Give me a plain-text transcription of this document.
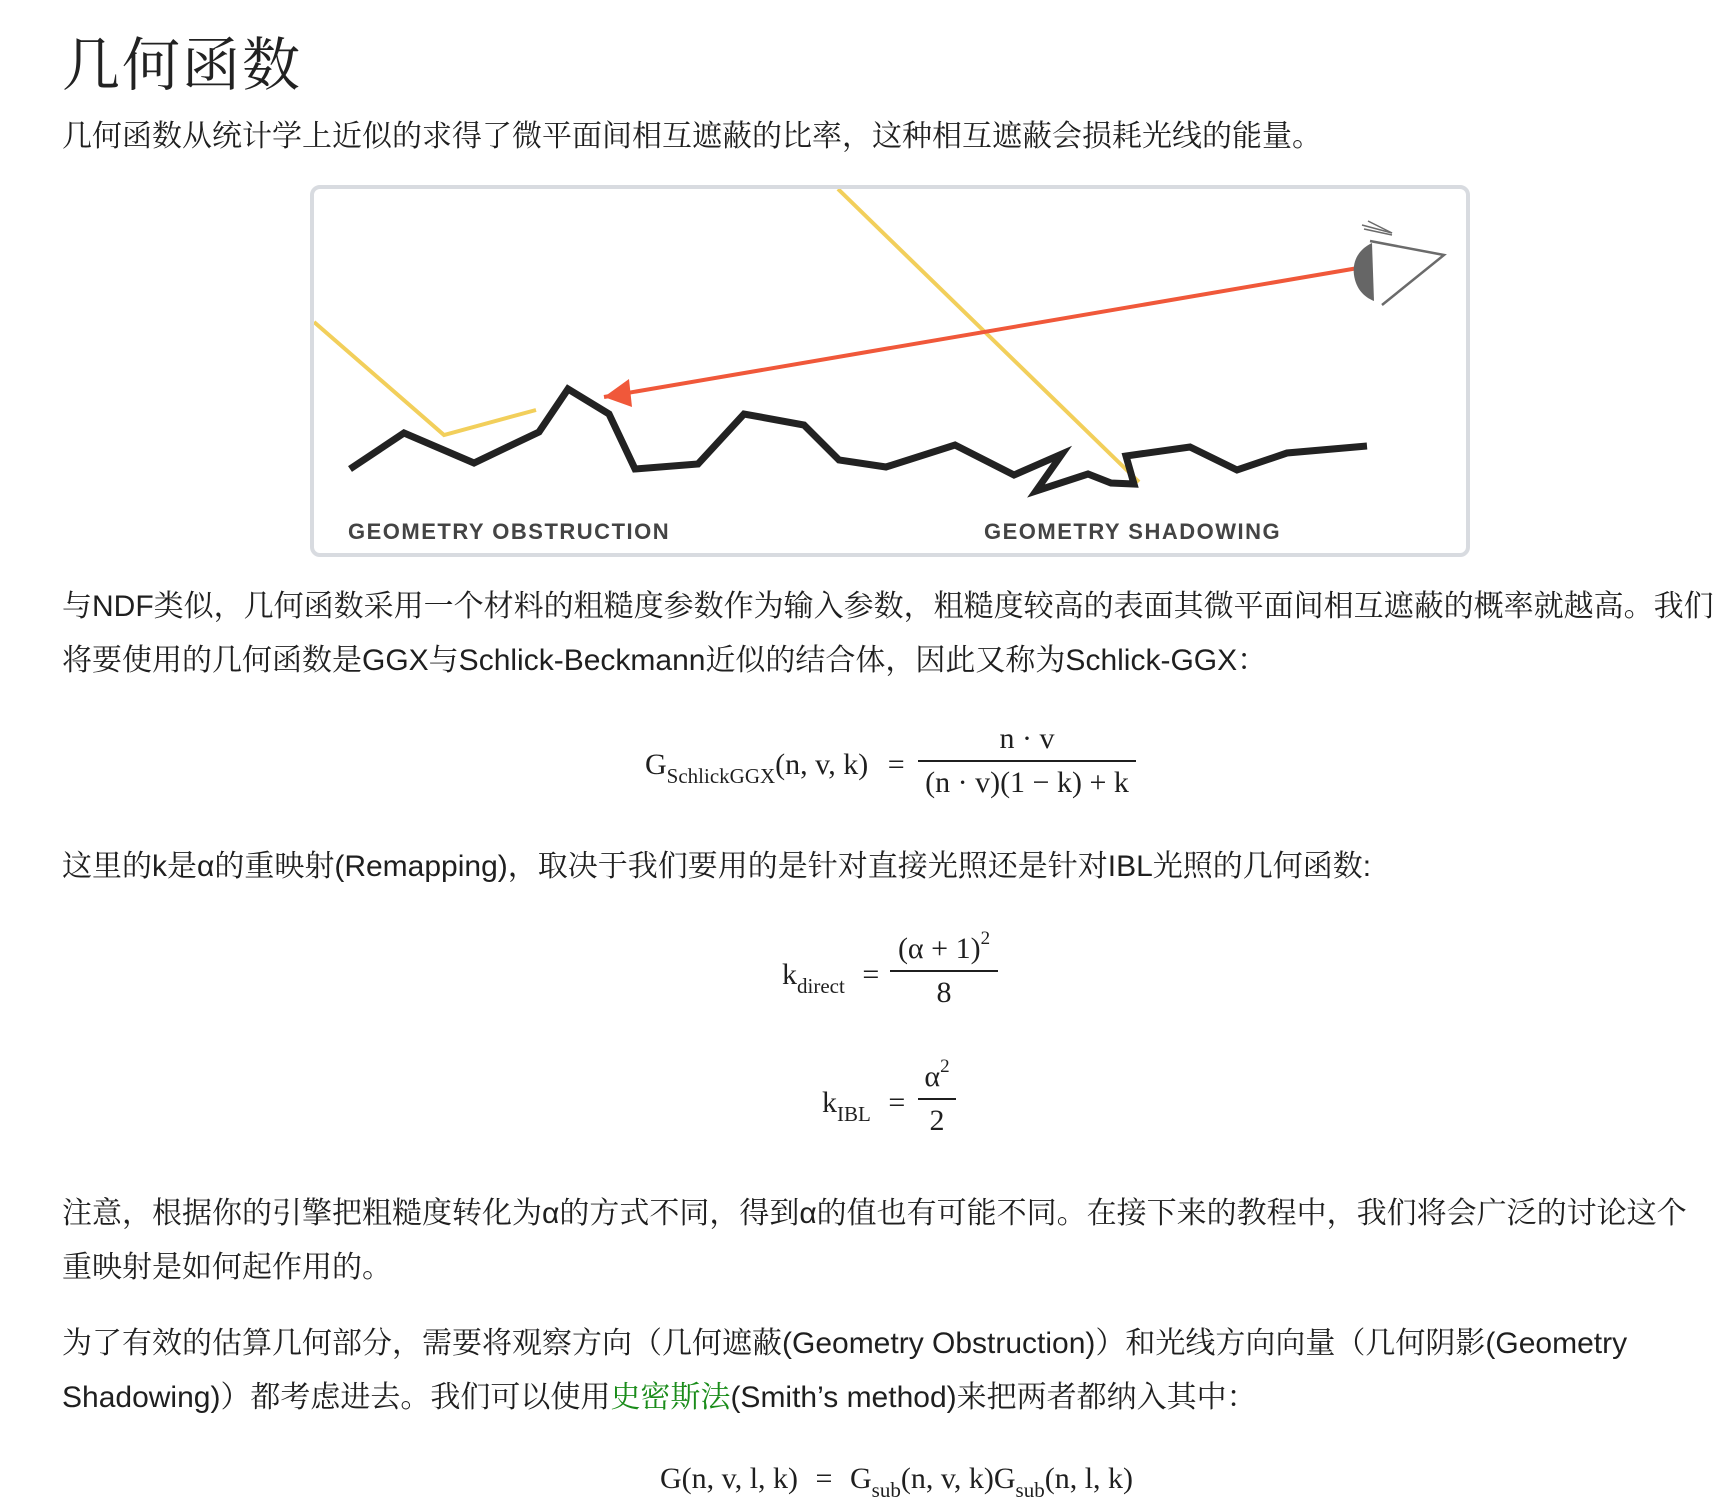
几何函数

几何函数从统计学上近似的求得了微平面间相互遮蔽的比率，这种相互遮蔽会损耗光线的能量。

GEOMETRY OBSTRUCTION	GEOMETRY SHADOWING

与NDF类似，几何函数采用一个材料的粗糙度参数作为输入参数，粗糙度较高的表面其微平面间相互遮蔽的概率就越高。我们将要使用的几何函数是GGX与Schlick-Beckmann近似的结合体，因此又称为Schlick-GGX：

$G_{SchlickGGX}(n$, v, k) =
n · v
(n · v)(1 − k) + k

这里的k是α的重映射(Remapping)，取决于我们要用的是针对直接光照还是针对IBL光照的几何函数:

$k_{direct}$ =
$(\alpha + 1)^2$
8
$k_{IBL}$ =
$\alpha^2$
2

注意，根据你的引擎把粗糙度转化为α的方式不同，得到α的值也有可能不同。在接下来的教程中，我们将会广泛的讨论这个重映射是如何起作用的。

为了有效的估算几何部分，需要将观察方向（几何遮蔽(Geometry Obstruction)）和光线方向向量（几何阴影(Geometry Shadowing)）都考虑进去。我们可以使用史密斯法(Smith’s method)来把两者都纳入其中：

G(n, v, l, $k) = G_{sub}(n$, v, $k)G_{sub}(n$, l, k)
